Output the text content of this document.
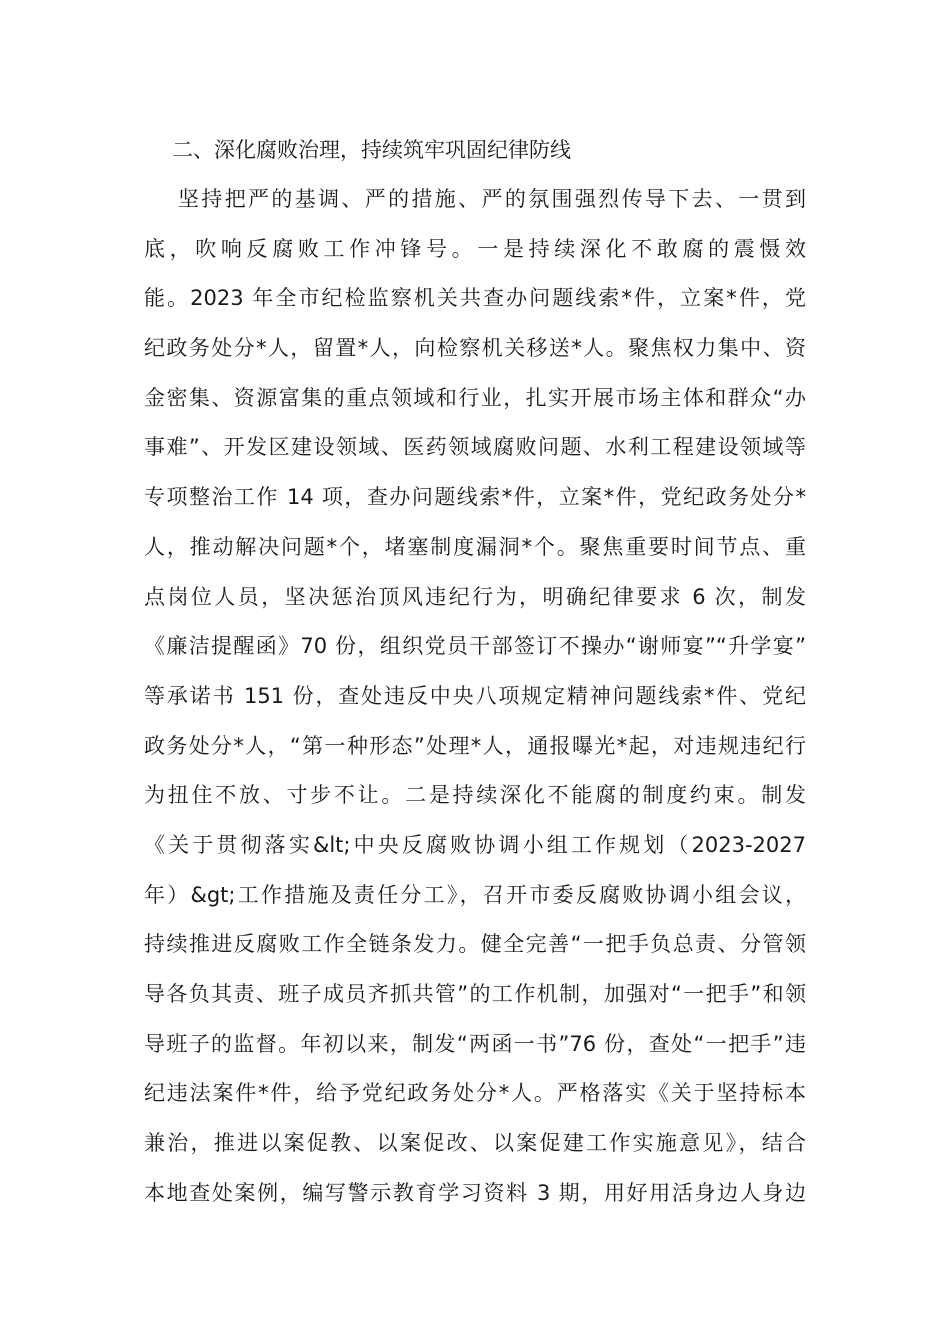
二、深化腐败治理，持续筑牢巩固纪律防线
坚持把严的基调、严的措施、严的氛围强烈传导下去、一贯到
底，吹响反腐败工作冲锋号。一是持续深化不敢腐的震慑效
能。2023 年全市纪检监察机关共查办问题线索*件，立案*件，党
纪政务处分*人，留置*人，向检察机关移送*人。聚焦权力集中、资
金密集、资源富集的重点领域和行业，扎实开展市场主体和群众“办
事难”、开发区建设领域、医药领域腐败问题、水利工程建设领域等
专项整治工作 14 项，查办问题线索*件，立案*件，党纪政务处分*
人，推动解决问题*个，堵塞制度漏洞*个。聚焦重要时间节点、重
点岗位人员，坚决惩治顶风违纪行为，明确纪律要求 6 次，制发
《廉洁提醒函》70 份，组织党员干部签订不操办“谢师宴”“升学宴”
等承诺书 151 份，查处违反中央八项规定精神问题线索*件、党纪
政务处分*人，“第一种形态”处理*人，通报曝光*起，对违规违纪行
为扭住不放、寸步不让。二是持续深化不能腐的制度约束。制发
《关于贯彻落实&lt;中央反腐败协调小组工作规划（2023-2027
年）&gt;工作措施及责任分工》，召开市委反腐败协调小组会议，
持续推进反腐败工作全链条发力。健全完善“一把手负总责、分管领
导各负其责、班子成员齐抓共管”的工作机制，加强对“一把手”和领
导班子的监督。年初以来，制发“两函一书”76 份，查处“一把手”违
纪违法案件*件，给予党纪政务处分*人。严格落实《关于坚持标本
兼治，推进以案促教、以案促改、以案促建工作实施意见》，结合
本地查处案例，编写警示教育学习资料 3 期，用好用活身边人身边
